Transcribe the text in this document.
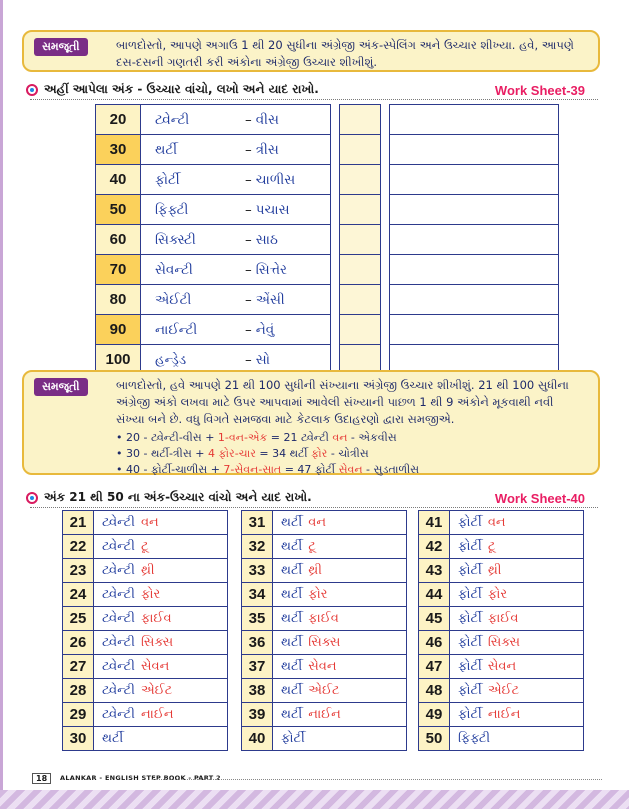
સમજૂતી	બાળદોસ્તો, આપણે અગાઉ 1 થી 20 સુધીના અંગ્રેજી અંક-સ્પેલિંગ અને ઉચ્ચાર શીખ્યા. હવે, આપણે
દસ-દસની ગણતરી કરી અંકોના અંગ્રેજી ઉચ્ચાર શીખીશું.
અહીં આપેલા અંક - ઉચ્ચાર વાંચો, લખો અને યાદ રાખો.	Work Sheet-39
20	ટ્વેન્ટી – વીસ				
30	થર્ટી – ત્રીસ				
40	ફોર્ટી – ચાળીસ				
50	ફિફ્ટી – પચાસ				
60	સિક્સ્ટી – સાઠ				
70	સેવન્ટી – સિત્તેર				
80	એઈટી – એંસી				
90	નાઈન્ટી – નેવું				
100	હન્ડ્રેડ – સો				
સમજૂતી	બાળદોસ્તો, હવે આપણે 21 થી 100 સુધીની સંખ્યાના અંગ્રેજી ઉચ્ચાર શીખીશું. 21 થી 100 સુધીના
અંગ્રેજી અંકો લખવા માટે ઉપર આપવામાં આવેલી સંખ્યાની પાછળ 1 થી 9 અંકોને મૂકવાથી નવી
સંખ્યા બને છે. વધુ વિગતે સમજવા માટે કેટલાક ઉદાહરણો દ્વારા સમજીએ.
• 20 - ટ્વેન્ટી-વીસ + 1-વન-એક = 21 ટ્વેન્ટી વન - એકવીસ
• 30 - થર્ટી-ત્રીસ + 4 ફોર-ચાર = 34 થર્ટી ફોર - ચોત્રીસ
• 40 - ફોર્ટી-ચાળીસ + 7-સેવન-સાત = 47 ફોર્ટી સેવન - સુડતાળીસ
અંક 21 થી 50 ના અંક-ઉચ્ચાર વાંચો અને યાદ રાખો.	Work Sheet-40
21	ટ્વેન્ટી વન
22	ટ્વેન્ટી ટૂ
23	ટ્વેન્ટી થ્રી
24	ટ્વેન્ટી ફોર
25	ટ્વેન્ટી ફાઈવ
26	ટ્વેન્ટી સિક્સ
27	ટ્વેન્ટી સેવન
28	ટ્વેન્ટી એઈટ
29	ટ્વેન્ટી નાઈન
30	થર્ટી
31	થર્ટી વન
32	થર્ટી ટૂ
33	થર્ટી થ્રી
34	થર્ટી ફોર
35	થર્ટી ફાઈવ
36	થર્ટી સિક્સ
37	થર્ટી સેવન
38	થર્ટી એઈટ
39	થર્ટી નાઈન
40	ફોર્ટી
41	ફોર્ટી વન
42	ફોર્ટી ટૂ
43	ફોર્ટી થ્રી
44	ફોર્ટી ફોર
45	ફોર્ટી ફાઈવ
46	ફોર્ટી સિક્સ
47	ફોર્ટી સેવન
48	ફોર્ટી એઈટ
49	ફોર્ટી નાઈન
50	ફિફ્ટી
18	ALANKAR - ENGLISH STEP BOOK - PART 2
